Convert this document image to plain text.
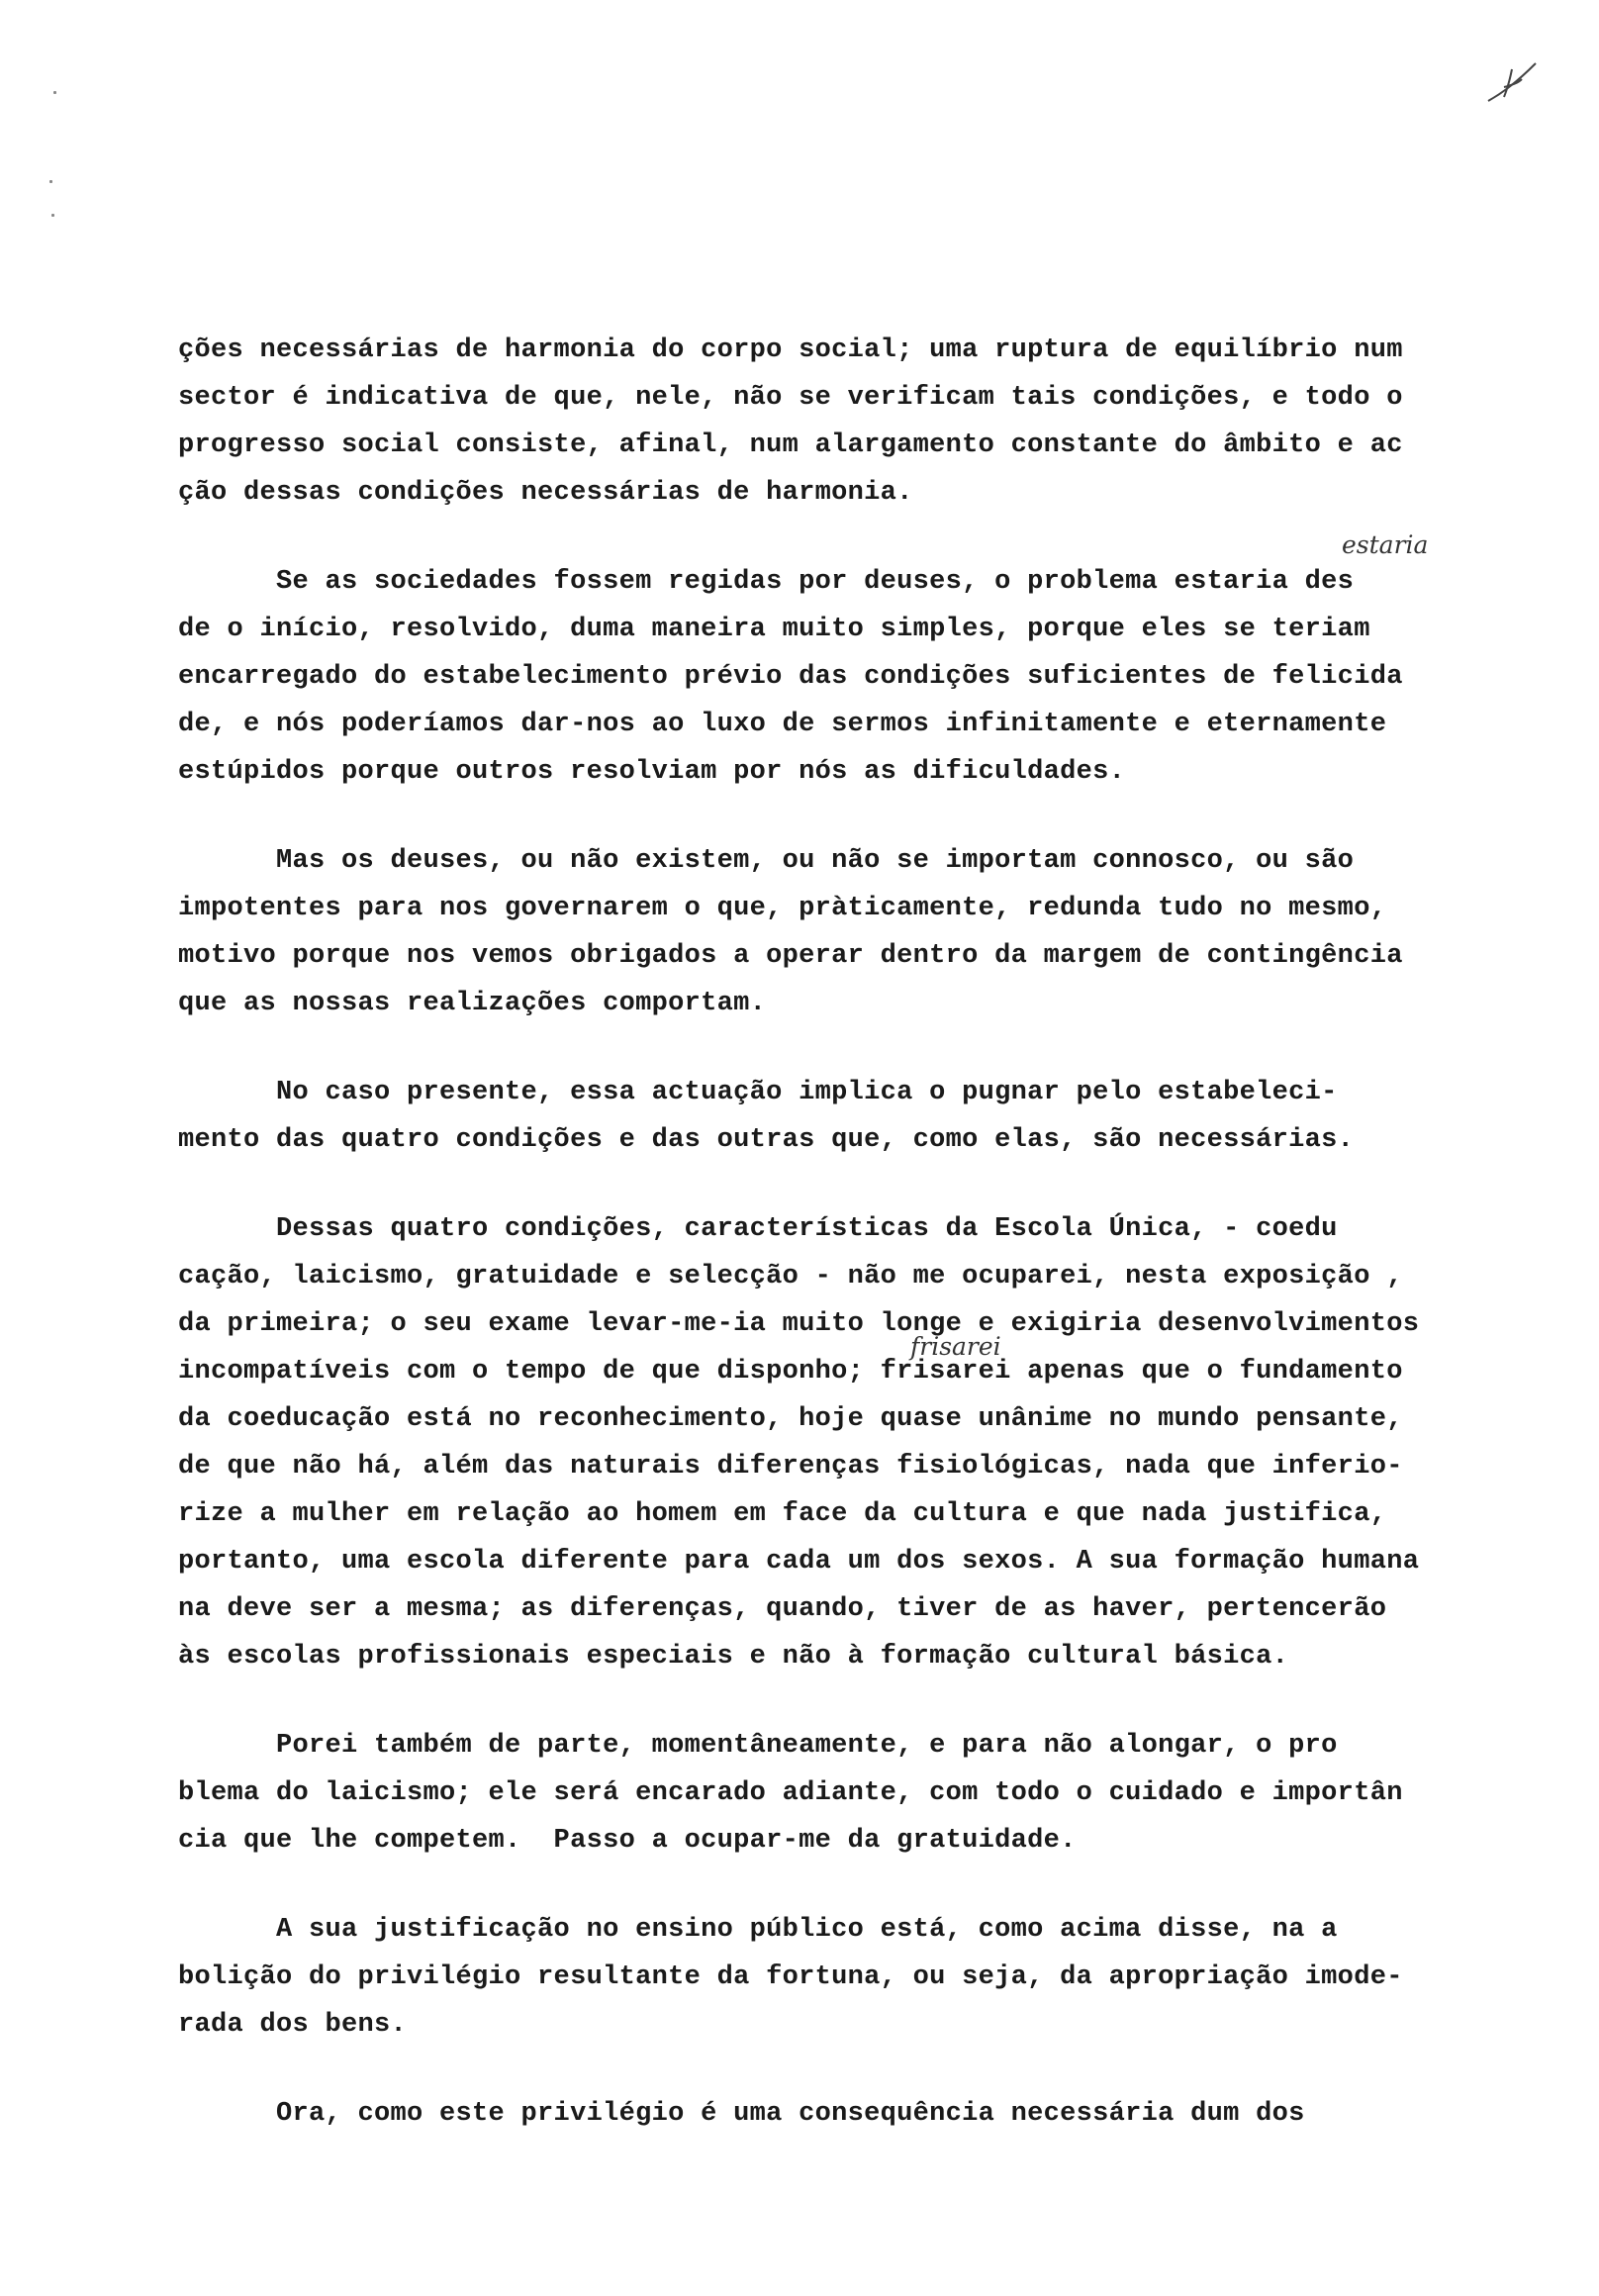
estaria
frisarei
ções necessárias de harmonia do corpo social; uma ruptura de equilíbrio num
sector é indicativa de que, nele, não se verificam tais condições, e todo o
progresso social consiste, afinal, num alargamento constante do âmbito e ac
ção dessas condições necessárias de harmonia.
Se as sociedades fossem regidas por deuses, o problema estaria des
de o início, resolvido, duma maneira muito simples, porque eles se teriam
encarregado do estabelecimento prévio das condições suficientes de felicida
de, e nós poderíamos dar-nos ao luxo de sermos infinitamente e eternamente
estúpidos porque outros resolviam por nós as dificuldades.
Mas os deuses, ou não existem, ou não se importam connosco, ou são
impotentes para nos governarem o que, pràticamente, redunda tudo no mesmo,
motivo porque nos vemos obrigados a operar dentro da margem de contingência
que as nossas realizações comportam.
No caso presente, essa actuação implica o pugnar pelo estabeleci-
mento das quatro condições e das outras que, como elas, são necessárias.
Dessas quatro condições, características da Escola Única, - coedu
cação, laicismo, gratuidade e selecção - não me ocuparei, nesta exposição ,
da primeira; o seu exame levar-me-ia muito longe e exigiria desenvolvimentos
incompatíveis com o tempo de que disponho; frisarei apenas que o fundamento
da coeducação está no reconhecimento, hoje quase unânime no mundo pensante,
de que não há, além das naturais diferenças fisiológicas, nada que inferio-
rize a mulher em relação ao homem em face da cultura e que nada justifica,
portanto, uma escola diferente para cada um dos sexos. A sua formação humana
na deve ser a mesma; as diferenças, quando, tiver de as haver, pertencerão
às escolas profissionais especiais e não à formação cultural básica.
Porei também de parte, momentâneamente, e para não alongar, o pro
blema do laicismo; ele será encarado adiante, com todo o cuidado e importân
cia que lhe competem.  Passo a ocupar-me da gratuidade.
A sua justificação no ensino público está, como acima disse, na a
bolição do privilégio resultante da fortuna, ou seja, da apropriação imode-
rada dos bens.
Ora, como este privilégio é uma consequência necessária dum dos
